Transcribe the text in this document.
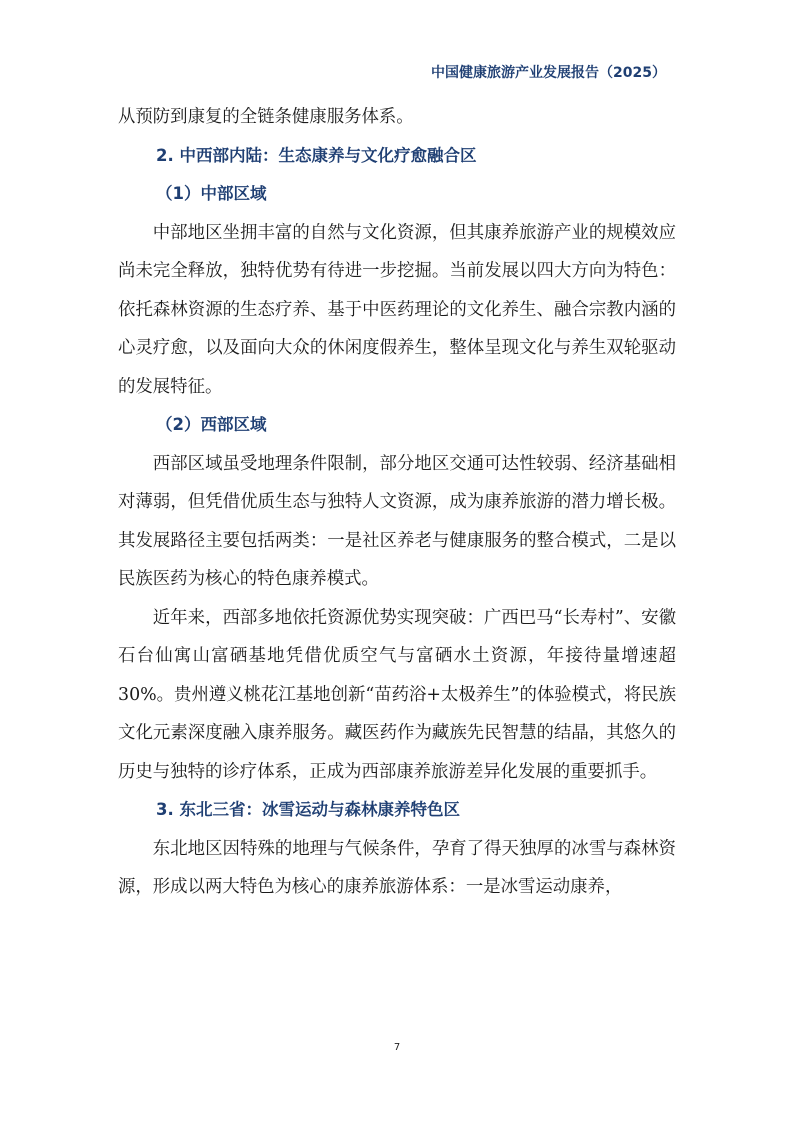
中国健康旅游产业发展报告（2025）

从预防到康复的全链条健康服务体系。

2. 中西部内陆：生态康养与文化疗愈融合区
（1）中部区域

中部地区坐拥丰富的自然与文化资源，但其康养旅游产业的规模效应尚未完全释放，独特优势有待进一步挖掘。当前发展以四大方向为特色：依托森林资源的生态疗养、基于中医药理论的文化养生、融合宗教内涵的心灵疗愈，以及面向大众的休闲度假养生，整体呈现文化与养生双轮驱动的发展特征。

（2）西部区域

西部区域虽受地理条件限制，部分地区交通可达性较弱、经济基础相对薄弱，但凭借优质生态与独特人文资源，成为康养旅游的潜力增长极。其发展路径主要包括两类：一是社区养老与健康服务的整合模式，二是以民族医药为核心的特色康养模式。

近年来，西部多地依托资源优势实现突破：广西巴马“长寿村”、安徽石台仙寓山富硒基地凭借优质空气与富硒水土资源，年接待量增速超 30%。贵州遵义桃花江基地创新“苗药浴+太极养生”的体验模式，将民族文化元素深度融入康养服务。藏医药作为藏族先民智慧的结晶，其悠久的历史与独特的诊疗体系，正成为西部康养旅游差异化发展的重要抓手。

3. 东北三省：冰雪运动与森林康养特色区

东北地区因特殊的地理与气候条件，孕育了得天独厚的冰雪与森林资源，形成以两大特色为核心的康养旅游体系：一是冰雪运动康养，

7
